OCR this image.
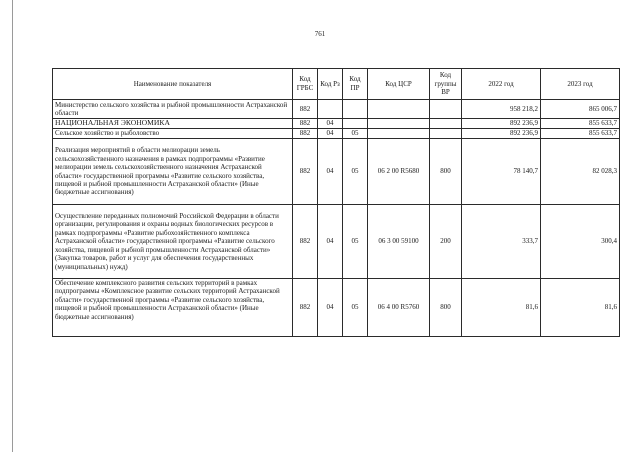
761
Наименование показателя	Код ГРБС	Код Рз	Код ПР	Код ЦСР	Код группы ВР	2022 год	2023 год
Министерство сельского хозяйства и рыбной промышленности Астраханской области	882					958 218,2	865 006,7
НАЦИОНАЛЬНАЯ ЭКОНОМИКА	882	04				892 236,9	855 633,7
Сельское хозяйство и рыболовство	882	04	05			892 236,9	855 633,7
Реализация мероприятий в области мелиорации земель сельскохозяйственного назначения в рамках подпрограммы «Развитие мелиорации земель сельскохозяйственного назначения Астраханской области» государственной программы «Развитие сельского хозяйства, пищевой и рыбной промышленности Астраханской области» (Иные бюджетные ассигнования)	882	04	05	06 2 00 R5680	800	78 140,7	82 028,3
Осуществление переданных полномочий Российской Федерации в области организации, регулирования и охраны водных биологических ресурсов в рамках подпрограммы «Развитие рыбохозяйственного комплекса Астраханской области» государственной программы «Развитие сельского хозяйства, пищевой и рыбной промышленности Астраханской области» (Закупка товаров, работ и услуг для обеспечения государственных (муниципальных) нужд)	882	04	05	06 3 00 59100	200	333,7	300,4
Обеспечение комплексного развития сельских территорий в рамках подпрограммы «Комплексное развитие сельских территорий Астраханской области» государственной программы «Развитие сельского хозяйства, пищевой и рыбной промышленности Астраханской области» (Иные бюджетные ассигнования)	882	04	05	06 4 00 R5760	800	81,6	81,6
